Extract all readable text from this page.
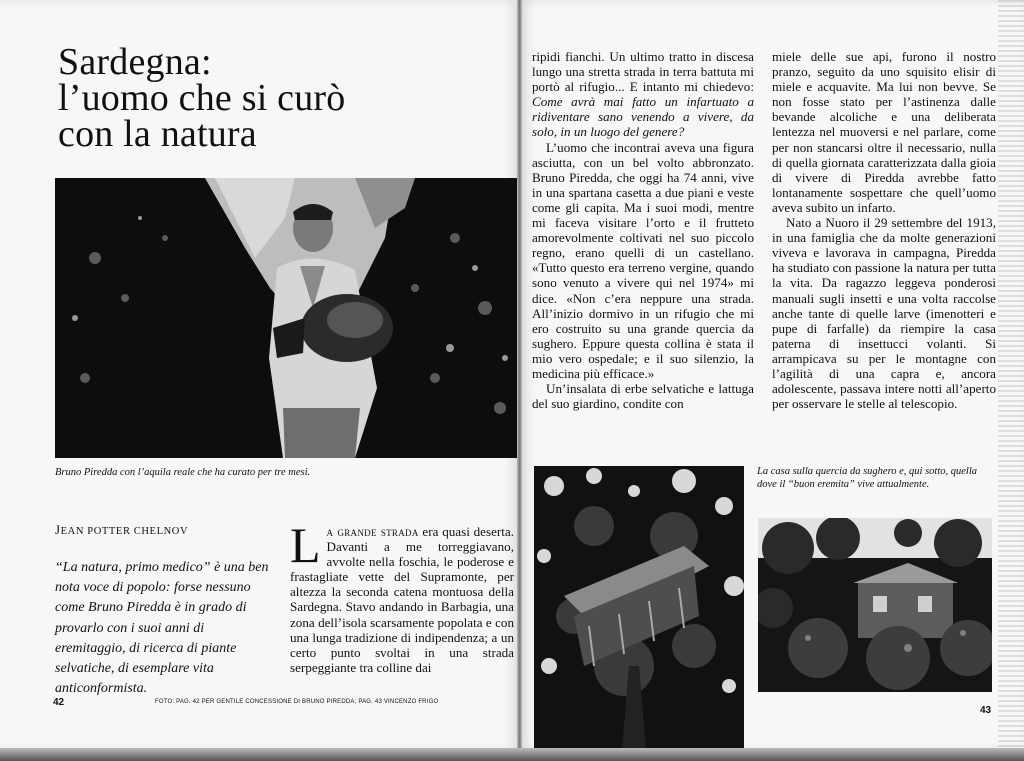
Sardegna:
l’uomo che si curò
con la natura
Bruno Piredda con l’aquila reale che ha curato per tre mesi.
JEAN POTTER CHELNOV
“La natura, primo medico” è una ben nota voce di popolo: forse nessuno come Bruno Piredda è in grado di provarlo con i suoi anni di eremitaggio, di ricerca di piante selvatiche, di esemplare vita anticonformista.

La grande strada era quasi deserta. Davanti a me torreggiavano, avvolte nella foschia, le poderose e frastagliate vette del Supramonte, per altezza la seconda catena montuosa della Sardegna. Stavo andando in Barbagia, una zona dell’isola scarsamente popolata e con una lunga tradizione di indipendenza; a un certo punto svoltai in una strada serpeggiante tra colline dai

42	FOTO: PAG. 42 PER GENTILE CONCESSIONE DI BRUNO PIREDDA; PAG. 43 VINCENZO FRIGO

ripidi fianchi. Un ultimo tratto in discesa lungo una stretta strada in terra battuta mi portò al rifugio... E intanto mi chiedevo: Come avrà mai fatto un infartuato a ridiventare sano venendo a vivere, da solo, in un luogo del genere?

L’uomo che incontrai aveva una figura asciutta, con un bel volto abbronzato. Bruno Piredda, che oggi ha 74 anni, vive in una spartana casetta a due piani e veste come gli capita. Ma i suoi modi, mentre mi faceva visitare l’orto e il frutteto amorevolmente coltivati nel suo piccolo regno, erano quelli di un castellano. «Tutto questo era terreno vergine, quando sono venuto a vivere qui nel 1974» mi dice. «Non c’era neppure una strada. All’inizio dormivo in un rifugio che mi ero costruito su una grande quercia da sughero. Eppure questa collina è stata il mio vero ospedale; e il suo silenzio, la medicina più efficace.»

Un’insalata di erbe selvatiche e lattuga del suo giardino, condite con

miele delle sue api, furono il nostro pranzo, seguito da uno squisito elisir di miele e acquavite. Ma lui non bevve. Se non fosse stato per l’astinenza dalle bevande alcoliche e una deliberata lentezza nel muoversi e nel parlare, come per non stancarsi oltre il necessario, nulla di quella giornata caratterizzata dalla gioia di vivere di Piredda avrebbe fatto lontanamente sospettare che quell’uomo aveva subito un infarto.

Nato a Nuoro il 29 settembre del 1913, in una famiglia che da molte generazioni viveva e lavorava in campagna, Piredda ha studiato con passione la natura per tutta la vita. Da ragazzo leggeva ponderosi manuali sugli insetti e una volta raccolse anche tante di quelle larve (imenotteri e pupe di farfalle) da riempire la casa paterna di insettucci volanti. Si arrampicava su per le montagne con l’agilità di una capra e, ancora adolescente, passava intere notti all’aperto per osservare le stelle al telescopio.

La casa sulla quercia da sughero e, qui sotto, quella dove il “buon eremita” vive attualmente.
43
